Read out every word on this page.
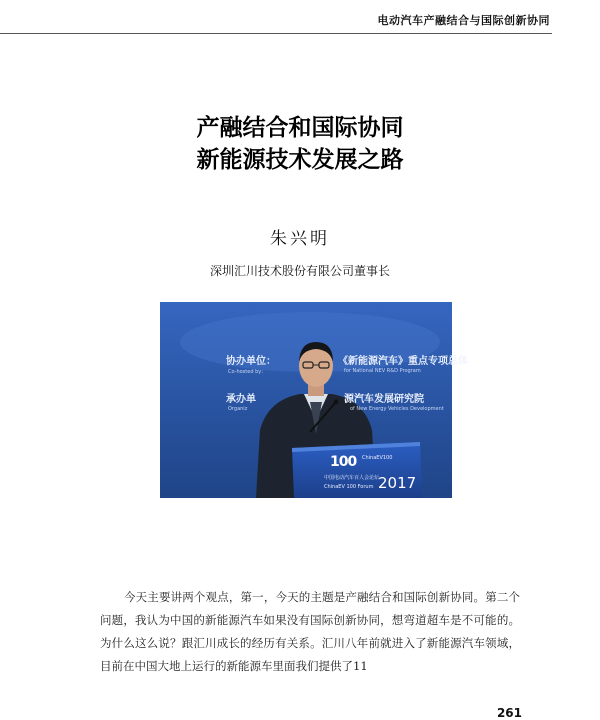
电动汽车产融结合与国际创新协同
产融结合和国际协同
新能源技术发展之路
朱兴明
深圳汇川技术股份有限公司董事长
协办单位：	《新能源汽车》重点专项总体
Co-hosted by：	for National NEV R&D Program
承办单	源汽车发展研究院
Organiz	of New Energy Vehicles Development
100 ChinaEV100
中国电动汽车百人会论坛
ChinaEV 100 Forum 2017

今天主要讲两个观点，第一，今天的主题是产融结合和国际创新协同。第二个问题，我认为中国的新能源汽车如果没有国际创新协同，想弯道超车是不可能的。为什么这么说？跟汇川成长的经历有关系。汇川八年前就进入了新能源汽车领域，目前在中国大地上运行的新能源车里面我们提供了11

261
